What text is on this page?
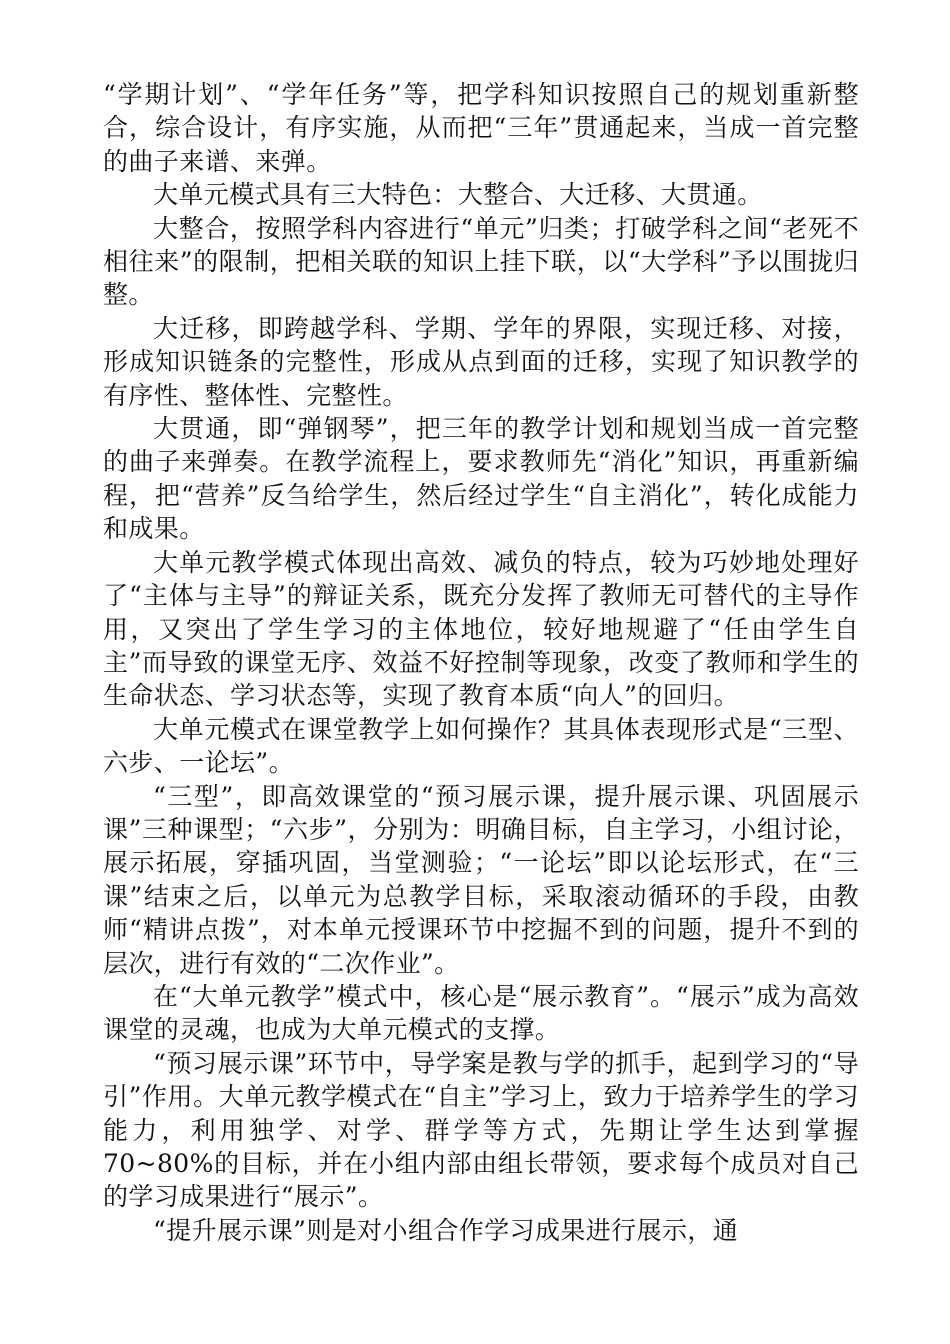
“学期计划”、“学年任务”等，把学科知识按照自己的规划重新整合，综合设计，有序实施，从而把“三年”贯通起来，当成一首完整的曲子来谱、来弹。

大单元模式具有三大特色：大整合、大迁移、大贯通。

大整合，按照学科内容进行“单元”归类；打破学科之间“老死不相往来”的限制，把相关联的知识上挂下联，以“大学科”予以围拢归整。

大迁移，即跨越学科、学期、学年的界限，实现迁移、对接，形成知识链条的完整性，形成从点到面的迁移，实现了知识教学的有序性、整体性、完整性。

大贯通，即“弹钢琴”，把三年的教学计划和规划当成一首完整的曲子来弹奏。在教学流程上，要求教师先“消化”知识，再重新编程，把“营养”反刍给学生，然后经过学生“自主消化”，转化成能力和成果。

大单元教学模式体现出高效、减负的特点，较为巧妙地处理好了“主体与主导”的辩证关系，既充分发挥了教师无可替代的主导作用，又突出了学生学习的主体地位，较好地规避了“任由学生自主”而导致的课堂无序、效益不好控制等现象，改变了教师和学生的生命状态、学习状态等，实现了教育本质“向人”的回归。

大单元模式在课堂教学上如何操作？其具体表现形式是“三型、六步、一论坛”。

“三型”，即高效课堂的“预习展示课，提升展示课、巩固展示课”三种课型；“六步”，分别为：明确目标，自主学习，小组讨论，展示拓展，穿插巩固，当堂测验；“一论坛”即以论坛形式，在“三课”结束之后，以单元为总教学目标，采取滚动循环的手段，由教师“精讲点拨”，对本单元授课环节中挖掘不到的问题，提升不到的层次，进行有效的“二次作业”。

在“大单元教学”模式中，核心是“展示教育”。“展示”成为高效课堂的灵魂，也成为大单元模式的支撑。

“预习展示课”环节中，导学案是教与学的抓手，起到学习的“导引”作用。大单元教学模式在“自主”学习上，致力于培养学生的学习能力，利用独学、对学、群学等方式，先期让学生达到掌握70~80%的目标，并在小组内部由组长带领，要求每个成员对自己的学习成果进行“展示”。

“提升展示课”则是对小组合作学习成果进行展示，通
